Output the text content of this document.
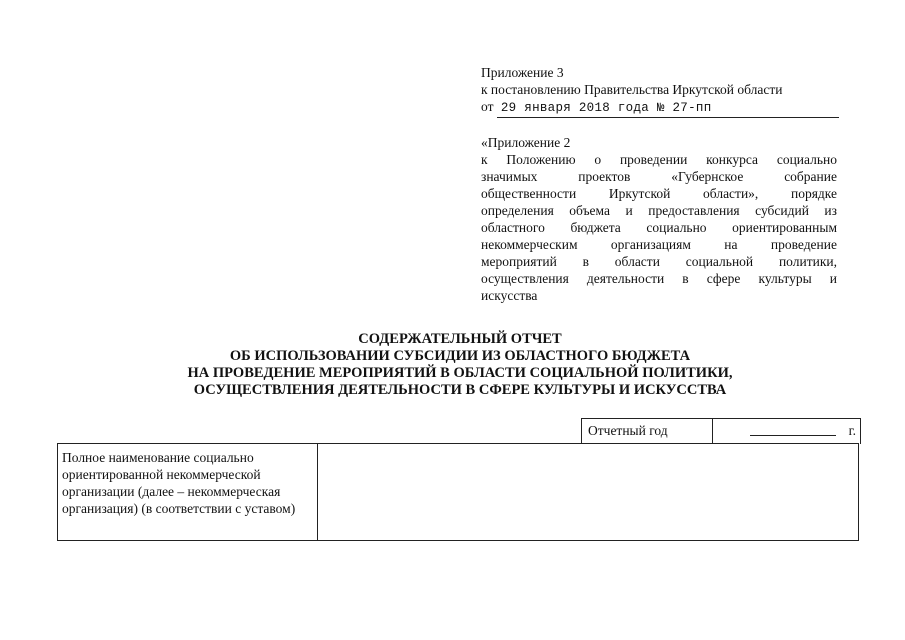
Приложение 3
к постановлению Правительства Иркутской области
от 29 января 2018 года № 27-пп
«Приложение 2
к Положению о проведении конкурса социально
значимых проектов «Губернское собрание
общественности Иркутской области», порядке
определения объема и предоставления субсидий из
областного бюджета социально ориентированным
некоммерческим организациям на проведение
мероприятий в области социальной политики,
осуществления деятельности в сфере культуры и
искусства
СОДЕРЖАТЕЛЬНЫЙ ОТЧЕТ
ОБ ИСПОЛЬЗОВАНИИ СУБСИДИИ ИЗ ОБЛАСТНОГО БЮДЖЕТА
НА ПРОВЕДЕНИЕ МЕРОПРИЯТИЙ В ОБЛАСТИ СОЦИАЛЬНОЙ ПОЛИТИКИ,
ОСУЩЕСТВЛЕНИЯ ДЕЯТЕЛЬНОСТИ В СФЕРЕ КУЛЬТУРЫ И ИСКУССТВА
Отчетный год	г.
Полное наименование социально ориентированной некоммерческой организации (далее – некоммерческая организация) (в соответствии с уставом)
